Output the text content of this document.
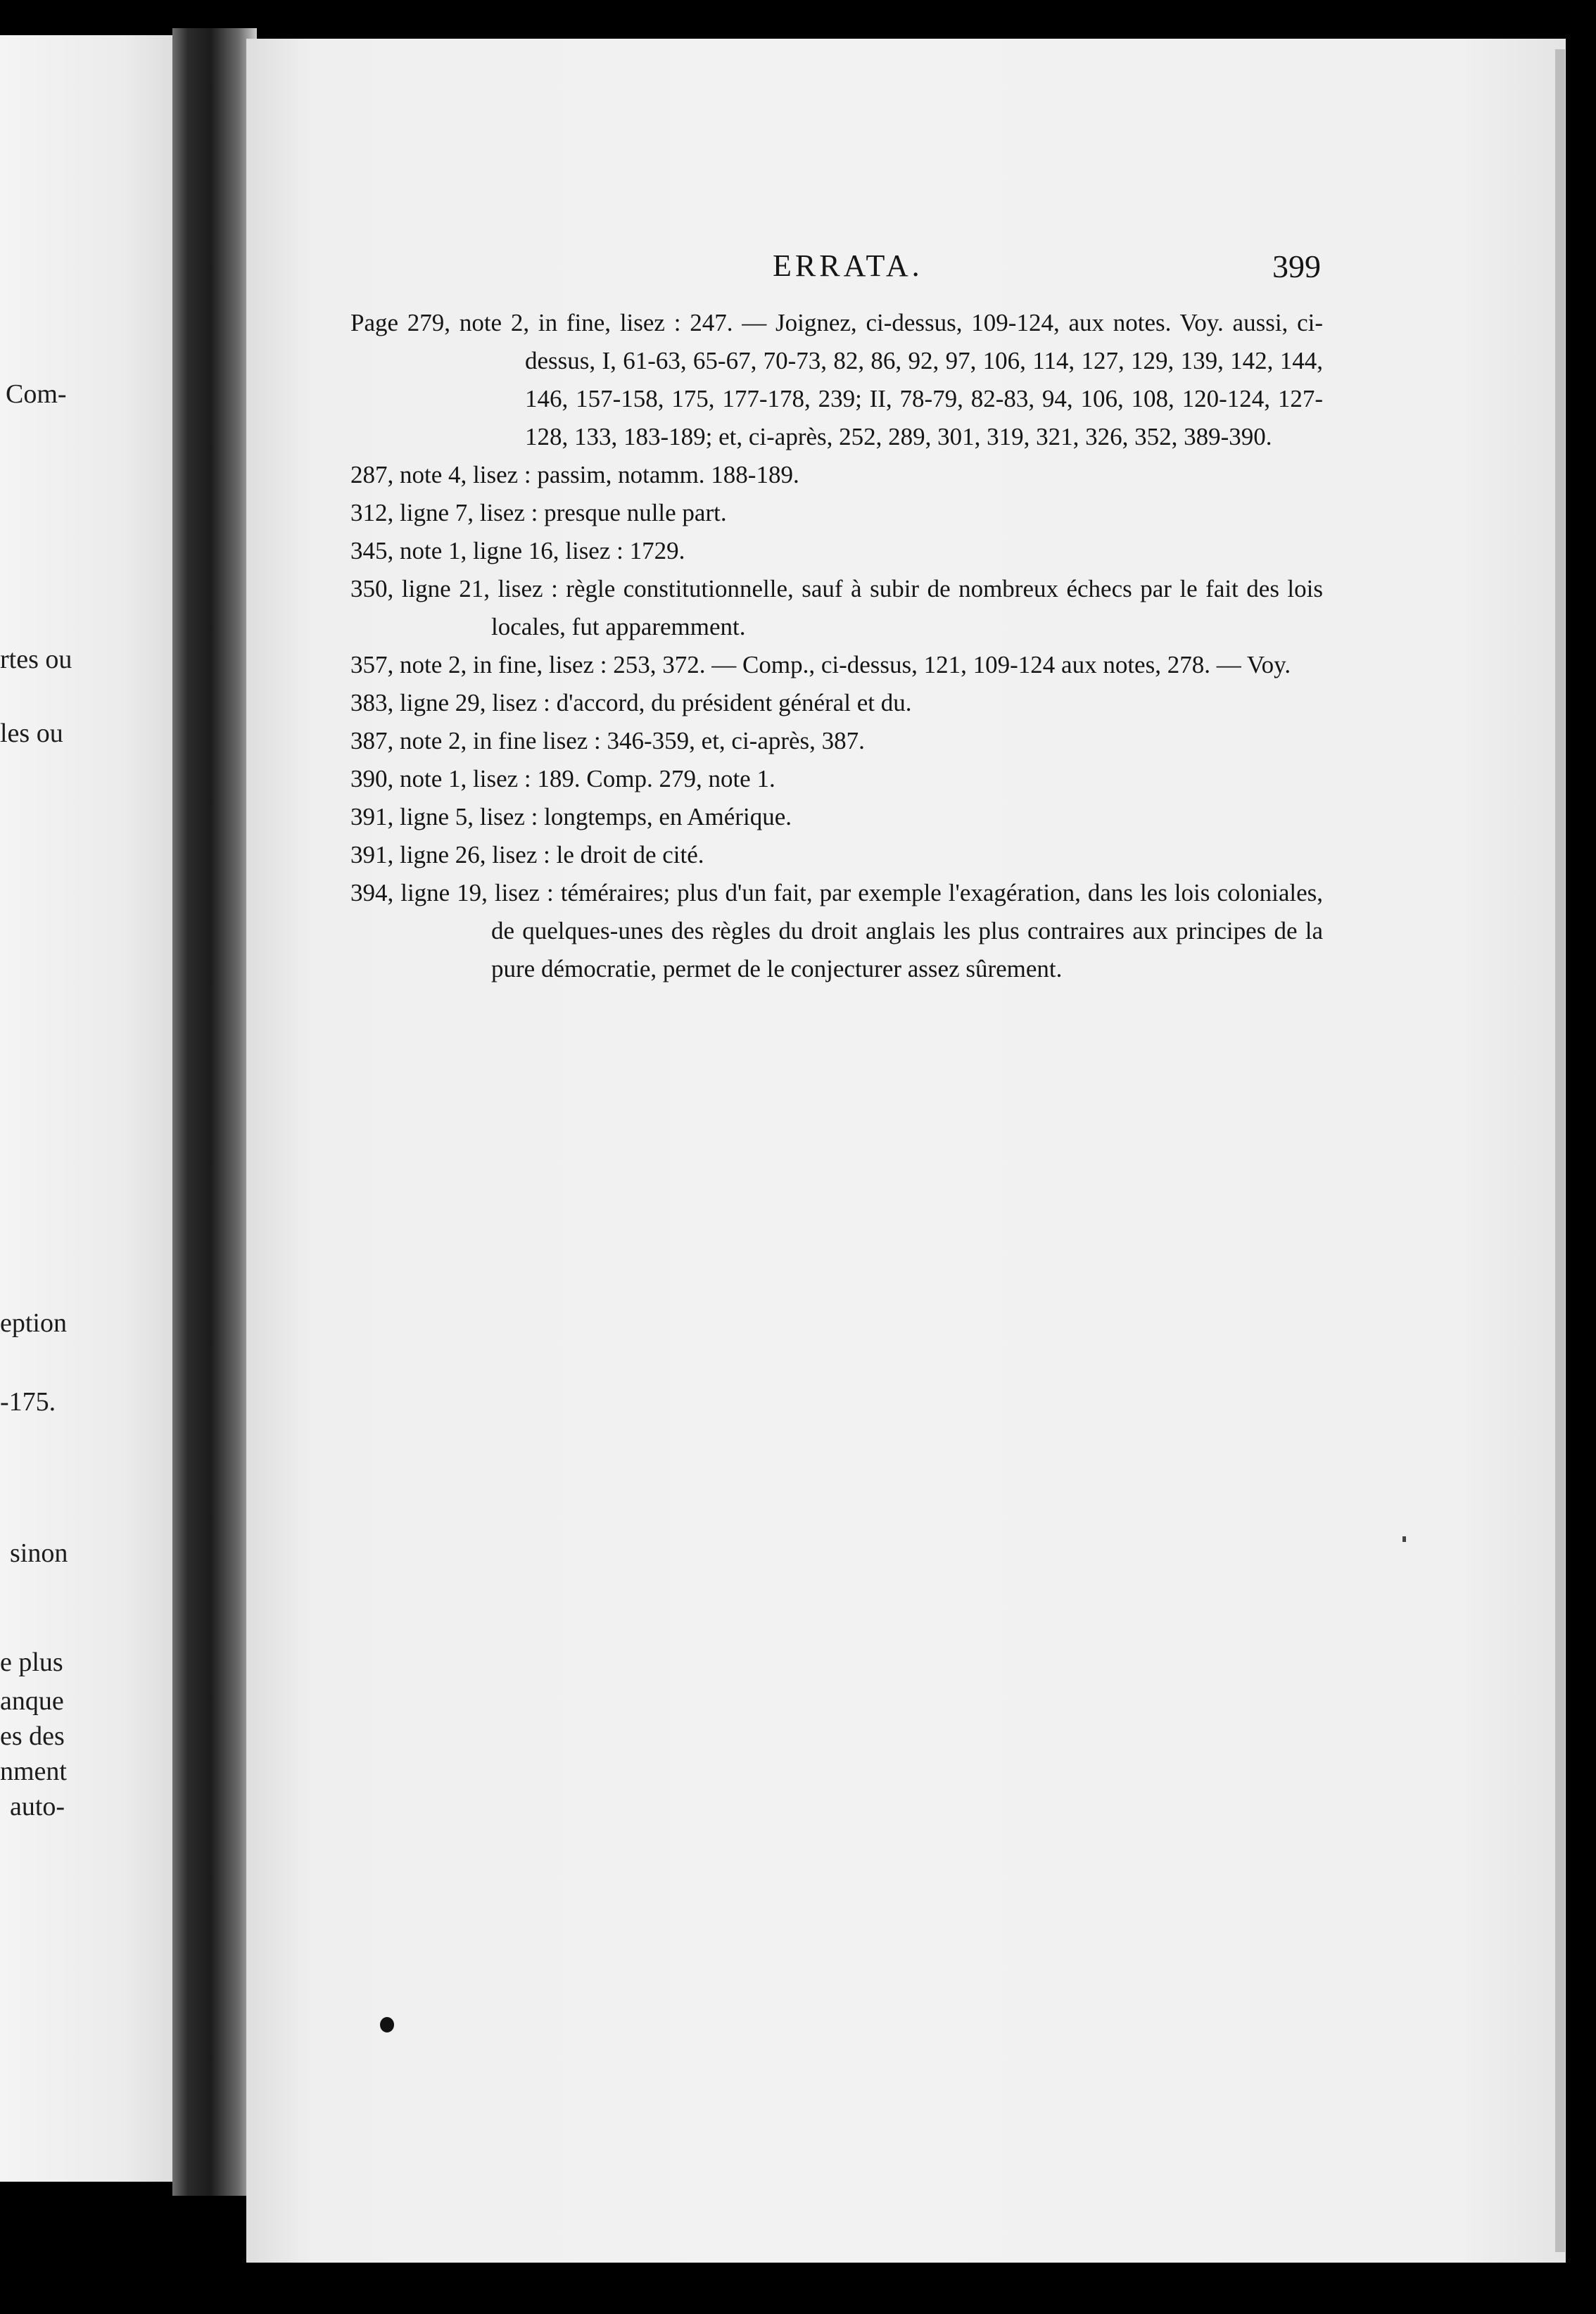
Com-
rtes ou
les ou
eption
-175.
sinon
e plus
anque
es des
nment
auto-
ERRATA.	399
Page 279, note 2, in fine, lisez : 247. — Joignez, ci-dessus, 109-124, aux notes. Voy. aussi, ci-dessus, I, 61-63, 65-67, 70-73, 82, 86, 92, 97, 106, 114, 127, 129, 139, 142, 144, 146, 157-158, 175, 177-178, 239; II, 78-79, 82-83, 94, 106, 108, 120-124, 127-128, 133, 183-189; et, ci-après, 252, 289, 301, 319, 321, 326, 352, 389-390.
287, note 4, lisez : passim, notamm. 188-189.
312, ligne 7, lisez : presque nulle part.
345, note 1, ligne 16, lisez : 1729.
350, ligne 21, lisez : règle constitutionnelle, sauf à subir de nombreux échecs par le fait des lois locales, fut apparemment.
357, note 2, in fine, lisez : 253, 372. — Comp., ci-dessus, 121, 109-124 aux notes, 278. — Voy.
383, ligne 29, lisez : d'accord, du président général et du.
387, note 2, in fine lisez : 346-359, et, ci-après, 387.
390, note 1, lisez : 189. Comp. 279, note 1.
391, ligne 5, lisez : longtemps, en Amérique.
391, ligne 26, lisez : le droit de cité.
394, ligne 19, lisez : téméraires; plus d'un fait, par exemple l'exagération, dans les lois coloniales, de quelques-unes des règles du droit anglais les plus contraires aux principes de la pure démocratie, permet de le conjecturer assez sûrement.
